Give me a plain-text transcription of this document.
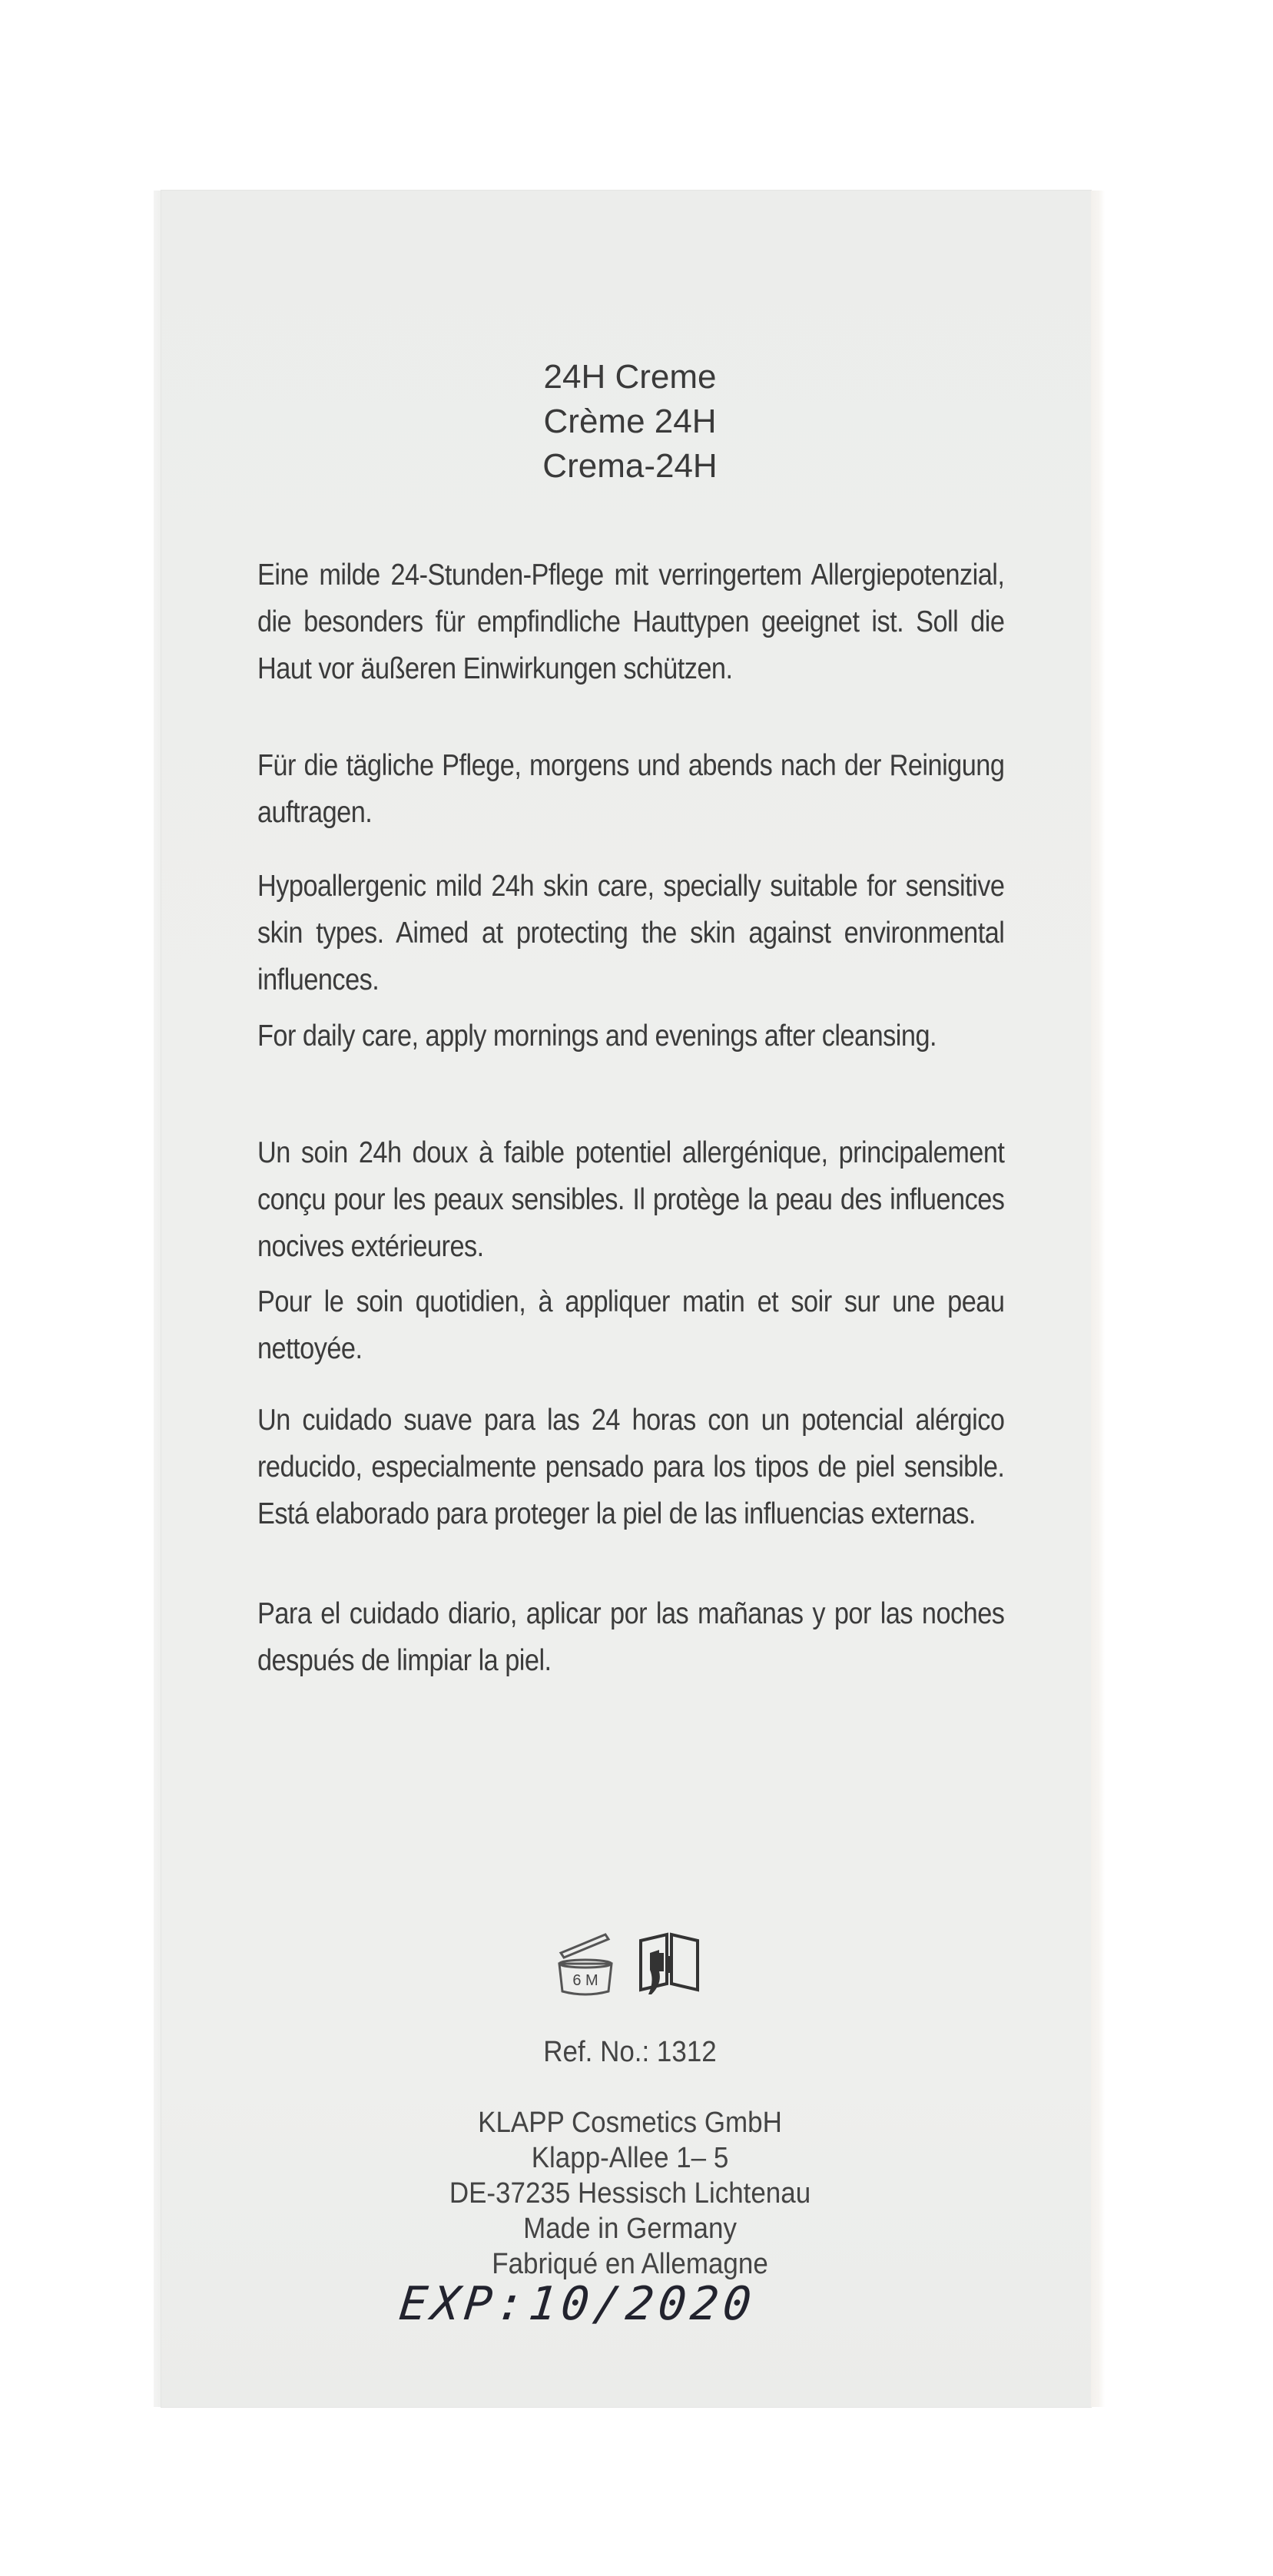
24H Creme
Crème 24H
Crema-24H
Eine milde 24-Stunden-Pflege mit verringertem Allergiepotenzial, die besonders für empfindliche Hauttypen geeignet ist. Soll die Haut vor äußeren Einwirkungen schützen.
Für die tägliche Pflege, morgens und abends nach der Reinigung auftragen.
Hypoallergenic mild 24h skin care, specially suitable for sensitive skin types. Aimed at protecting the skin against environmental influences.
For daily care, apply mornings and evenings after cleansing.
Un soin 24h doux à faible potentiel allergénique, principalement conçu pour les peaux sensibles. Il protège la peau des influences nocives extérieures.
Pour le soin quotidien, à appliquer matin et soir sur une peau nettoyée.
Un cuidado suave para las 24 horas con un potencial alérgico reducido, especialmente pensado para los tipos de piel sensible. Está elaborado para proteger la piel de las influencias externas.
Para el cuidado diario, aplicar por las mañanas y por las noches después de limpiar la piel.
6 M
Ref. No.: 1312
KLAPP Cosmetics GmbH
Klapp-Allee 1– 5
DE-37235 Hessisch Lichtenau
Made in Germany
Fabriqué en Allemagne
EXP:10/2020
